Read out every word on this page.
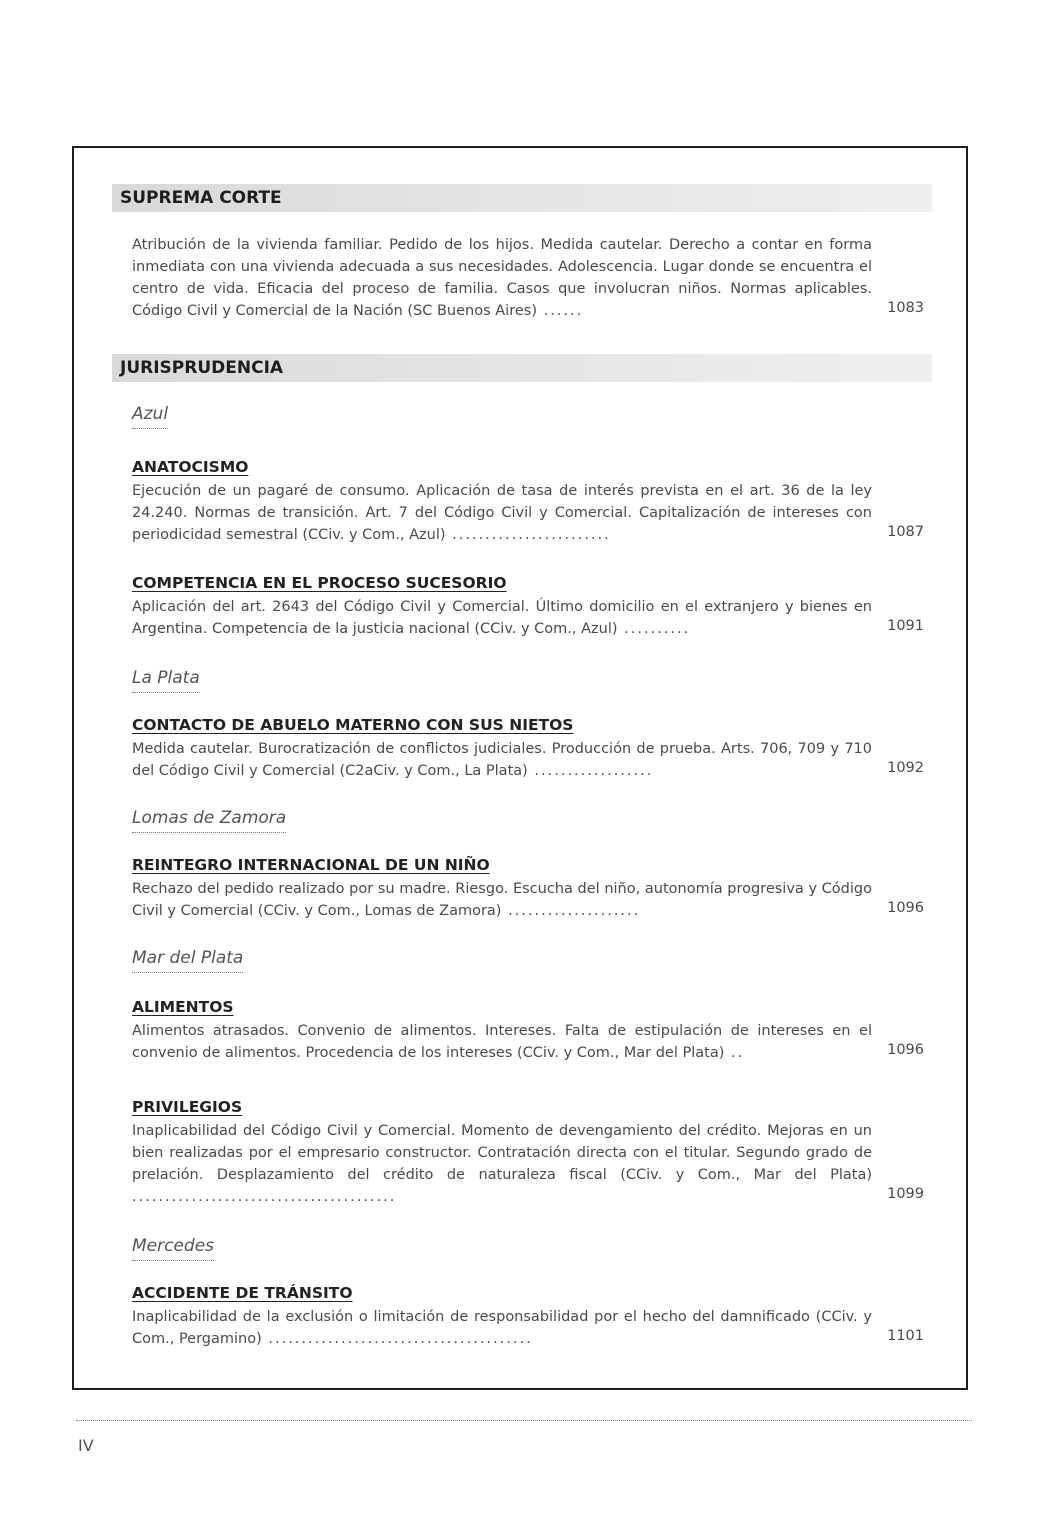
SUPREMA CORTE
Atribución de la vivienda familiar. Pedido de los hijos. Medida cautelar. Derecho a contar en forma inmediata con una vivienda adecuada a sus necesidades. Adolescencia. Lugar donde se encuentra el centro de vida. Eficacia del proceso de familia. Casos que involucran niños. Normas aplicables. Código Civil y Comercial de la Nación (SC Buenos Aires) ......	1083
JURISPRUDENCIA
Azul
ANATOCISMO
Ejecución de un pagaré de consumo. Aplicación de tasa de interés prevista en el art. 36 de la ley 24.240. Normas de transición. Art. 7 del Código Civil y Comercial. Capitalización de intereses con periodicidad semestral (CCiv. y Com., Azul) ........................	1087
COMPETENCIA EN EL PROCESO SUCESORIO
Aplicación del art. 2643 del Código Civil y Comercial. Último domicilio en el extranjero y bienes en Argentina. Competencia de la justicia nacional (CCiv. y Com., Azul) ..........	1091
La Plata
CONTACTO DE ABUELO MATERNO CON SUS NIETOS
Medida cautelar. Burocratización de conflictos judiciales. Producción de prueba. Arts. 706, 709 y 710 del Código Civil y Comercial (C2aCiv. y Com., La Plata) ..................	1092
Lomas de Zamora
REINTEGRO INTERNACIONAL DE UN NIÑO
Rechazo del pedido realizado por su madre. Riesgo. Escucha del niño, autonomía progresiva y Código Civil y Comercial (CCiv. y Com., Lomas de Zamora) ....................	1096
Mar del Plata
ALIMENTOS
Alimentos atrasados. Convenio de alimentos. Intereses. Falta de estipulación de intereses en el convenio de alimentos. Procedencia de los intereses (CCiv. y Com., Mar del Plata) ..	1096
PRIVILEGIOS
Inaplicabilidad del Código Civil y Comercial. Momento de devengamiento del crédito. Mejoras en un bien realizadas por el empresario constructor. Contratación directa con el titular. Segundo grado de prelación. Desplazamiento del crédito de naturaleza fiscal (CCiv. y Com., Mar del Plata) ........................................	1099
Mercedes
ACCIDENTE DE TRÁNSITO
Inaplicabilidad de la exclusión o limitación de responsabilidad por el hecho del damnificado (CCiv. y Com., Pergamino) ........................................	1101
IV
